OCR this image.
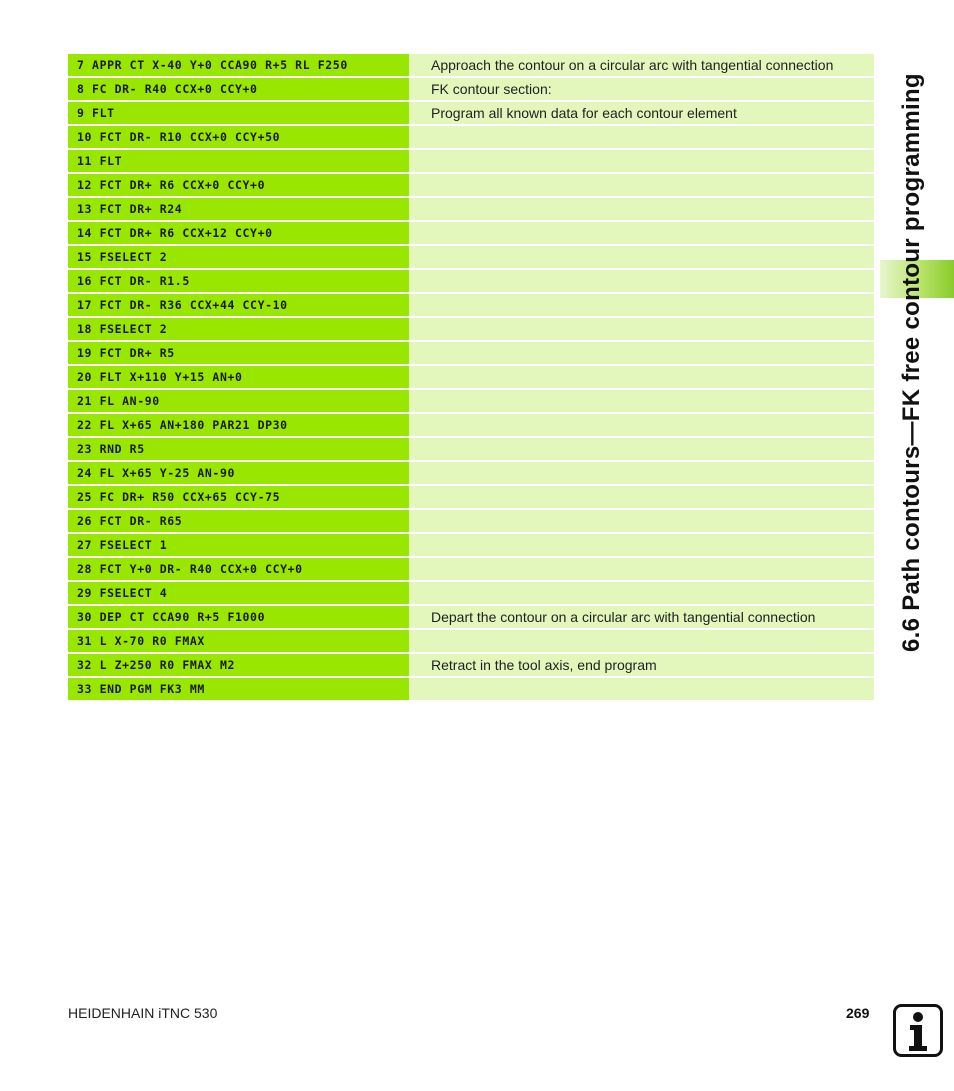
7 APPR CT X-40 Y+0 CCA90 R+5 RL F250	Approach the contour on a circular arc with tangential connection
8 FC DR- R40 CCX+0 CCY+0	FK contour section:
9 FLT	Program all known data for each contour element
10 FCT DR- R10 CCX+0 CCY+50
11 FLT
12 FCT DR+ R6 CCX+0 CCY+0
13 FCT DR+ R24
14 FCT DR+ R6 CCX+12 CCY+0
15 FSELECT 2
16 FCT DR- R1.5
17 FCT DR- R36 CCX+44 CCY-10
18 FSELECT 2
19 FCT DR+ R5
20 FLT X+110 Y+15 AN+0
21 FL AN-90
22 FL X+65 AN+180 PAR21 DP30
23 RND R5
24 FL X+65 Y-25 AN-90
25 FC DR+ R50 CCX+65 CCY-75
26 FCT DR- R65
27 FSELECT 1
28 FCT Y+0 DR- R40 CCX+0 CCY+0
29 FSELECT 4
30 DEP CT CCA90 R+5 F1000	Depart the contour on a circular arc with tangential connection
31 L X-70 R0 FMAX
32 L Z+250 R0 FMAX M2	Retract in the tool axis, end program
33 END PGM FK3 MM
6.6 Path contours—FK free contour programming
HEIDENHAIN iTNC 530	269
